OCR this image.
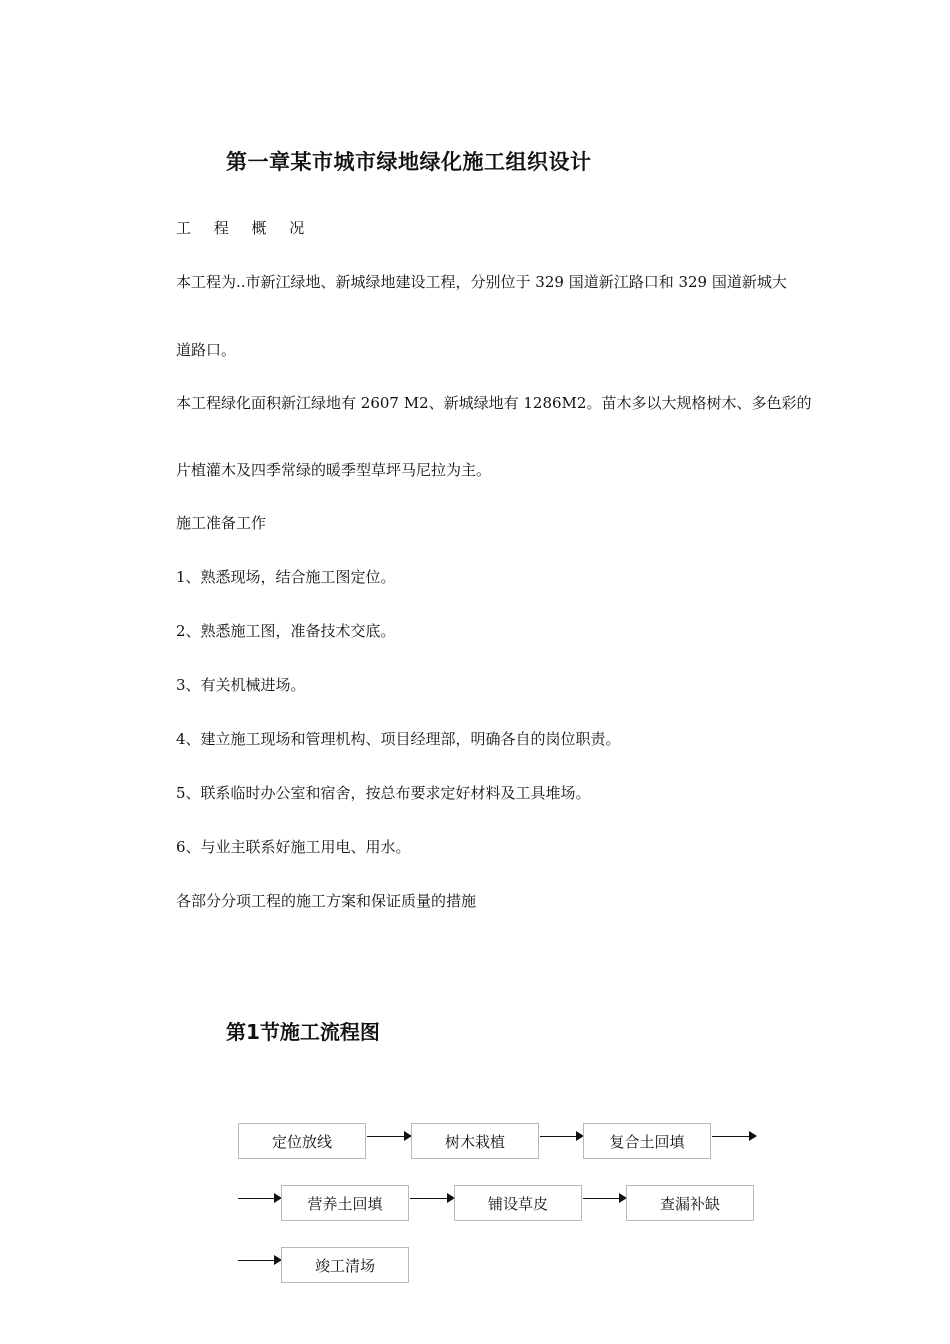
第一章某市城市绿地绿化施工组织设计
工 程 概 况
本工程为..市新江绿地、新城绿地建设工程，分别位于 329 国道新江路口和 329 国道新城大
道路口。
本工程绿化面积新江绿地有 2607 M2、新城绿地有 1286M2。苗木多以大规格树木、多色彩的
片植灌木及四季常绿的暖季型草坪马尼拉为主。
施工准备工作
1、熟悉现场，结合施工图定位。
2、熟悉施工图，准备技术交底。
3、有关机械进场。
4、建立施工现场和管理机构、项目经理部，明确各自的岗位职责。
5、联系临时办公室和宿舍，按总布要求定好材料及工具堆场。
6、与业主联系好施工用电、用水。
各部分分项工程的施工方案和保证质量的措施
第1节施工流程图
定位放线	树木栽植	复合土回填
营养土回填	铺设草皮	查漏补缺
竣工清场
